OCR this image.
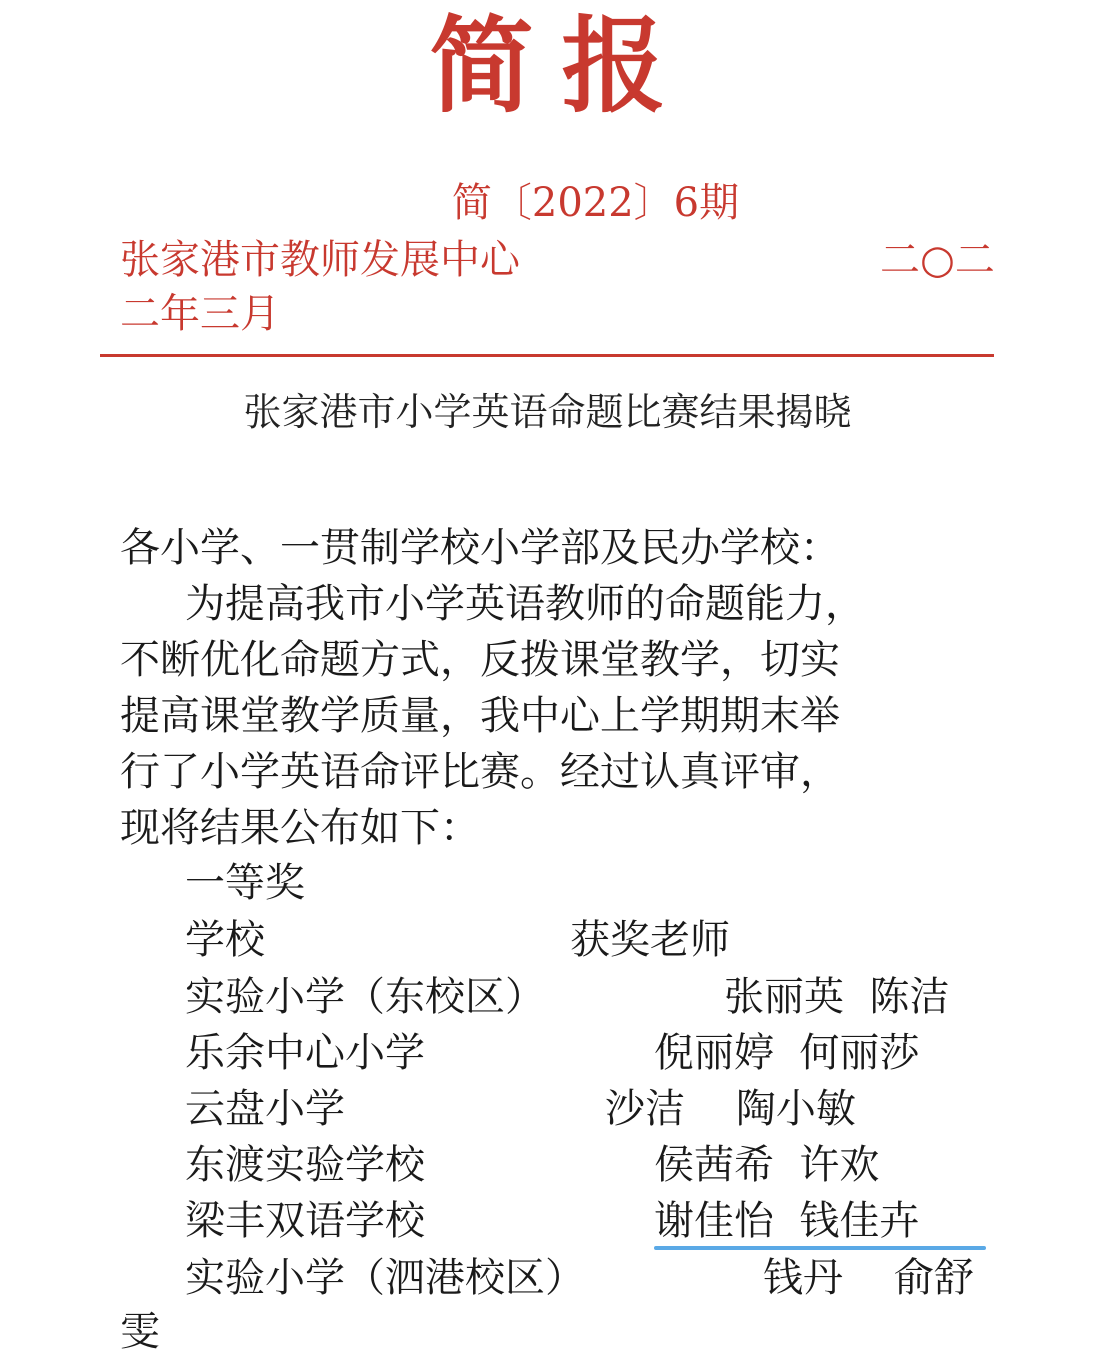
简报
简〔2022〕6期
张家港市教师发展中心	二○二
二年三月
张家港市小学英语命题比赛结果揭晓
各小学、一贯制学校小学部及民办学校：
为提高我市小学英语教师的命题能力，
不断优化命题方式，反拨课堂教学，切实
提高课堂教学质量，我中心上学期期末举
行了小学英语命评比赛。经过认真评审，
现将结果公布如下：
一等奖
学校	获奖老师
实验小学（东校区）	张丽英  陈洁
乐余中心小学	倪丽婷  何丽莎
云盘小学	沙洁    陶小敏
东渡实验学校	侯茜希  许欢
梁丰双语学校	谢佳怡  钱佳卉
实验小学（泗港校区）	钱丹    俞舒
雯
